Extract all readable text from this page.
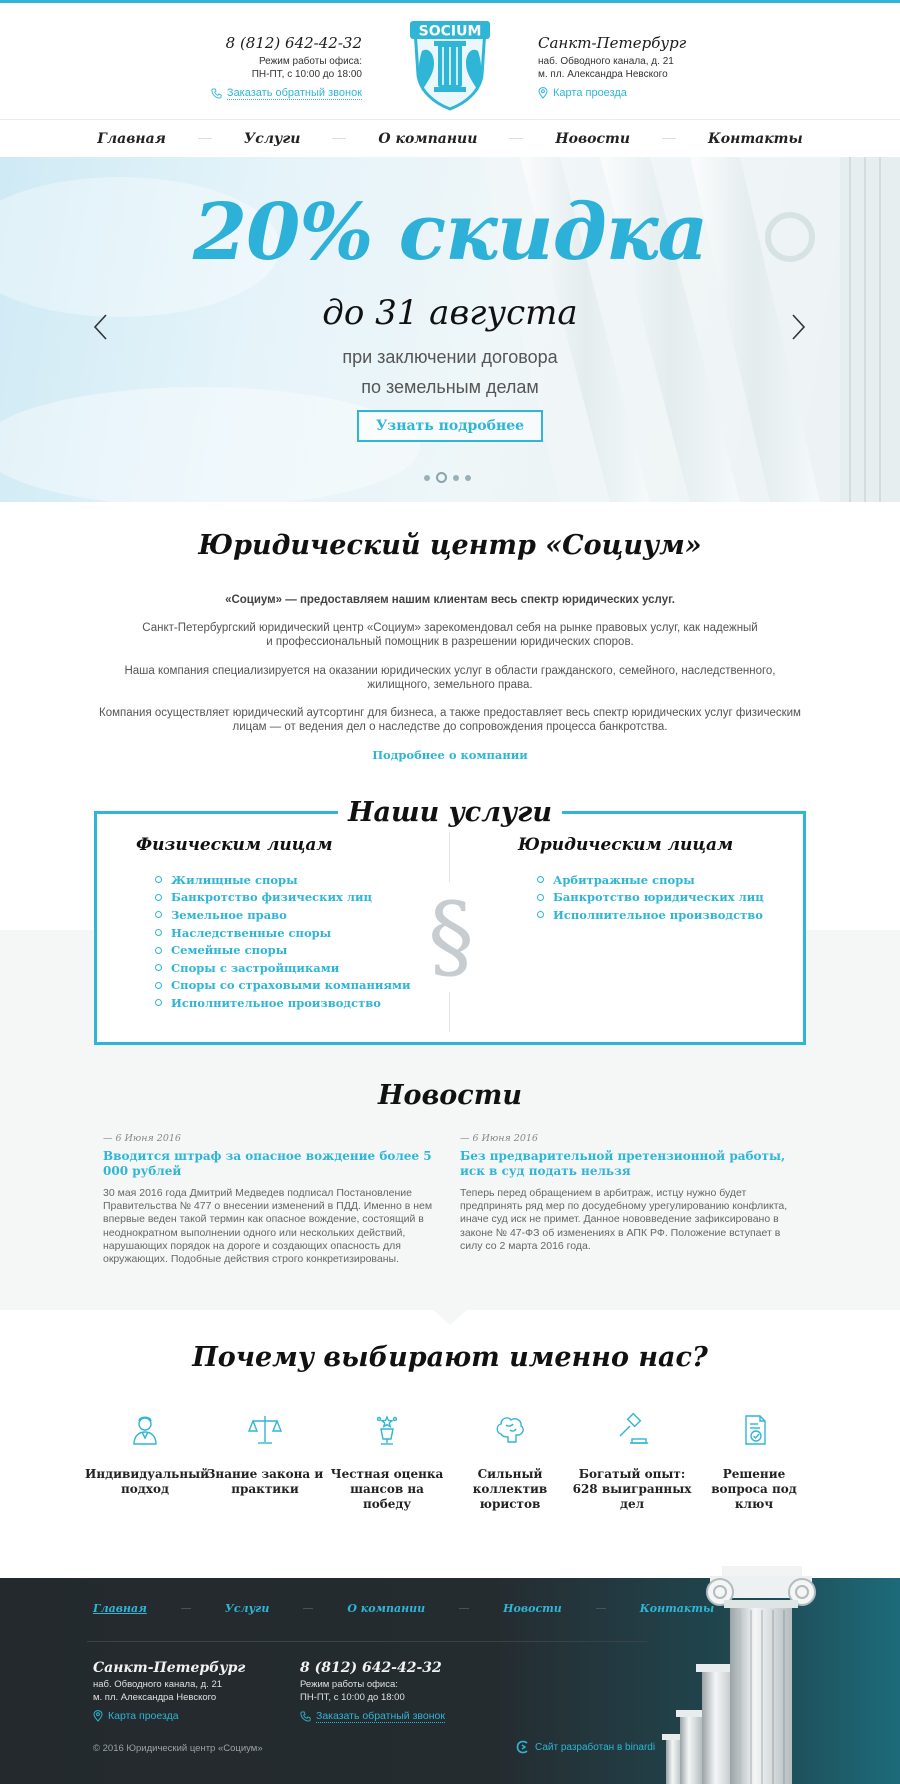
8 (812) 642-42-32
Режим работы офиса:
ПН-ПТ, с 10:00 до 18:00
Заказать обратный звонок
SOCIUM
Санкт-Петербург
наб. Обводного канала, д. 21
м. пл. Александра Невского
Карта проезда
Главная	Услуги	О компании	Новости	Контакты
20% скидка
до 31 августа
при заключении договора
по земельным делам
Узнать подробнее
Юридический центр «Социум»
«Социум» — предоставляем нашим клиентам весь спектр юридических услуг.
Санкт-Петербургский юридический центр «Социум» зарекомендовал себя на рынке правовых услуг, как надежный
и профессиональный помощник в разрешении юридических споров.
Наша компания специализируется на оказании юридических услуг в области гражданского, семейного, наследственного,
жилищного, земельного права.
Компания осуществляет юридический аутсортинг для бизнеса, а также предоставляет весь спектр юридических услуг физическим
лицам — от ведения дел о наследстве до сопровождения процесса банкротства.
Подробнее о компании
Наши услуги
Физическим лицам
Жилищные споры
Банкротство физических лиц
Земельное право
Наследственные споры
Семейные споры
Споры с застройщиками
Споры со страховыми компаниями
Исполнительное производство
§
Юридическим лицам
Арбитражные споры
Банкротство юридических лиц
Исполнительное производство
Новости
— 6 Июня 2016
Вводится штраф за опасное вождение более 5 000 рублей
30 мая 2016 года Дмитрий Медведев подписал Постановление Правительства № 477 о внесении изменений в ПДД. Именно в нем впервые веден такой термин как опасное вождение, состоящий в неоднократном выполнении одного или нескольких действий, нарушающих порядок на дороге и создающих опасность для окружающих. Подобные действия строго конкретизированы.
— 6 Июня 2016
Без предварительной претензионной работы, иск в суд подать нельзя
Теперь перед обращением в арбитраж, истцу нужно будет предпринять ряд мер по досудебному урегулированию конфликта, иначе суд иск не примет. Данное нововведение зафиксировано в законе № 47-ФЗ об изменениях в АПК РФ. Положение вступает в силу со 2 марта 2016 года.
Почему выбирают именно нас?
Индивидуальный подход
Знание закона и практики
Честная оценка шансов на победу
Сильный коллектив юристов
Богатый опыт: 628 выигранных дел
Решение вопроса под ключ
Главная	Услуги	О компании	Новости	Контакты
Санкт-Петербург
наб. Обводного канала, д. 21
м. пл. Александра Невского
Карта проезда
8 (812) 642-42-32
Режим работы офиса:
ПН-ПТ, с 10:00 до 18:00
Заказать обратный звонок
© 2016 Юридический центр «Социум»	Сайт разработан в binardi
